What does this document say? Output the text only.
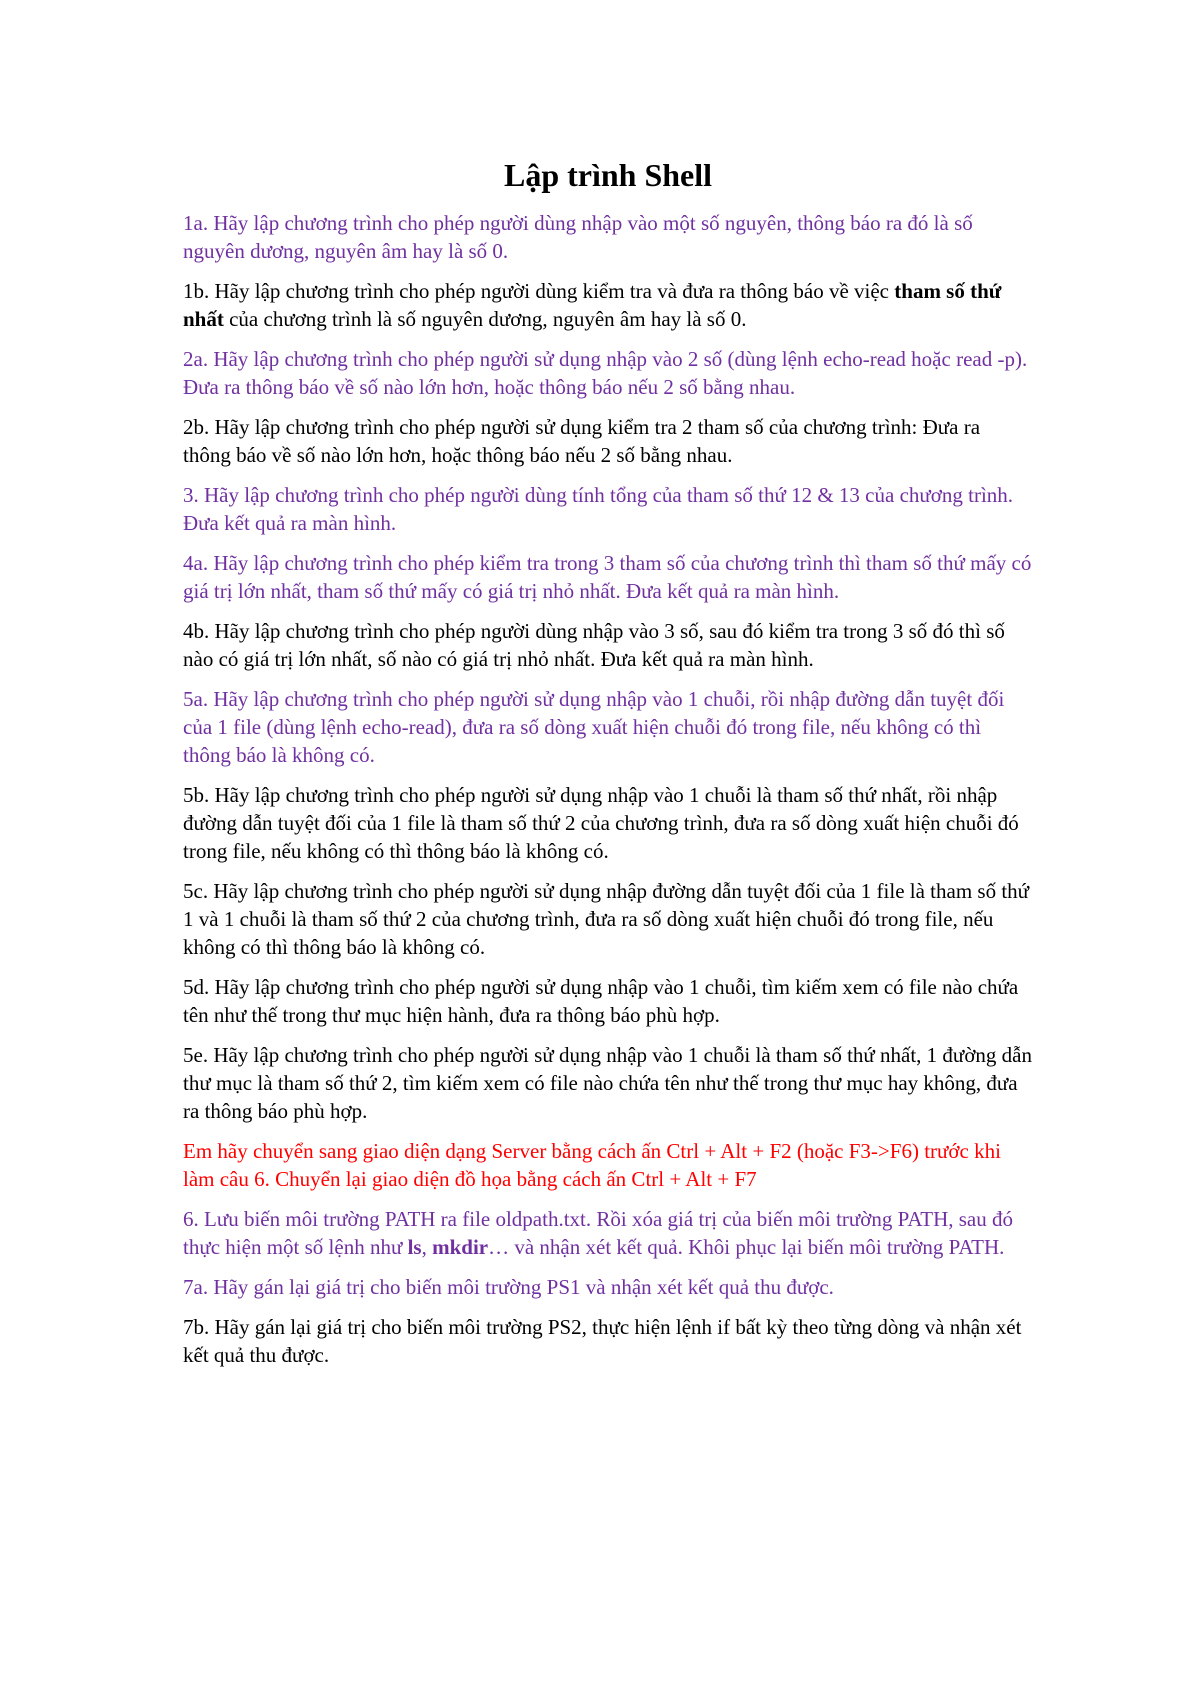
Lập trình Shell

1a. Hãy lập chương trình cho phép người dùng nhập vào một số nguyên, thông báo ra đó là số nguyên dương, nguyên âm hay là số 0.

1b. Hãy lập chương trình cho phép người dùng kiểm tra và đưa ra thông báo về việc tham số thứ nhất của chương trình là số nguyên dương, nguyên âm hay là số 0.

2a. Hãy lập chương trình cho phép người sử dụng nhập vào 2 số (dùng lệnh echo-read hoặc read -p). Đưa ra thông báo về số nào lớn hơn, hoặc thông báo nếu 2 số bằng nhau.

2b. Hãy lập chương trình cho phép người sử dụng kiểm tra 2 tham số của chương trình: Đưa ra thông báo về số nào lớn hơn, hoặc thông báo nếu 2 số bằng nhau.

3. Hãy lập chương trình cho phép người dùng tính tổng của tham số thứ 12 & 13 của chương trình. Đưa kết quả ra màn hình.

4a. Hãy lập chương trình cho phép kiểm tra trong 3 tham số của chương trình thì tham số thứ mấy có giá trị lớn nhất, tham số thứ mấy có giá trị nhỏ nhất. Đưa kết quả ra màn hình.

4b. Hãy lập chương trình cho phép người dùng nhập vào 3 số, sau đó kiểm tra trong 3 số đó thì số nào có giá trị lớn nhất, số nào có giá trị nhỏ nhất. Đưa kết quả ra màn hình.

5a. Hãy lập chương trình cho phép người sử dụng nhập vào 1 chuỗi, rồi nhập đường dẫn tuyệt đối của 1 file (dùng lệnh echo-read), đưa ra số dòng xuất hiện chuỗi đó trong file, nếu không có thì thông báo là không có.

5b. Hãy lập chương trình cho phép người sử dụng nhập vào 1 chuỗi là tham số thứ nhất, rồi nhập đường dẫn tuyệt đối của 1 file là tham số thứ 2 của chương trình, đưa ra số dòng xuất hiện chuỗi đó trong file, nếu không có thì thông báo là không có.

5c. Hãy lập chương trình cho phép người sử dụng nhập đường dẫn tuyệt đối của 1 file là tham số thứ 1 và 1 chuỗi là tham số thứ 2 của chương trình, đưa ra số dòng xuất hiện chuỗi đó trong file, nếu không có thì thông báo là không có.

5d. Hãy lập chương trình cho phép người sử dụng nhập vào 1 chuỗi, tìm kiếm xem có file nào chứa tên như thế trong thư mục hiện hành, đưa ra thông báo phù hợp.

5e. Hãy lập chương trình cho phép người sử dụng nhập vào 1 chuỗi là tham số thứ nhất, 1 đường dẫn thư mục là tham số thứ 2, tìm kiếm xem có file nào chứa tên như thế trong thư mục hay không, đưa ra thông báo phù hợp.

Em hãy chuyển sang giao diện dạng Server bằng cách ấn Ctrl + Alt + F2 (hoặc F3->F6) trước khi làm câu 6. Chuyển lại giao diện đồ họa bằng cách ấn Ctrl + Alt + F7

6. Lưu biến môi trường PATH ra file oldpath.txt. Rồi xóa giá trị của biến môi trường PATH, sau đó thực hiện một số lệnh như ls, mkdir… và nhận xét kết quả. Khôi phục lại biến môi trường PATH.

7a. Hãy gán lại giá trị cho biến môi trường PS1 và nhận xét kết quả thu được.

7b. Hãy gán lại giá trị cho biến môi trường PS2, thực hiện lệnh if bất kỳ theo từng dòng và nhận xét kết quả thu được.
